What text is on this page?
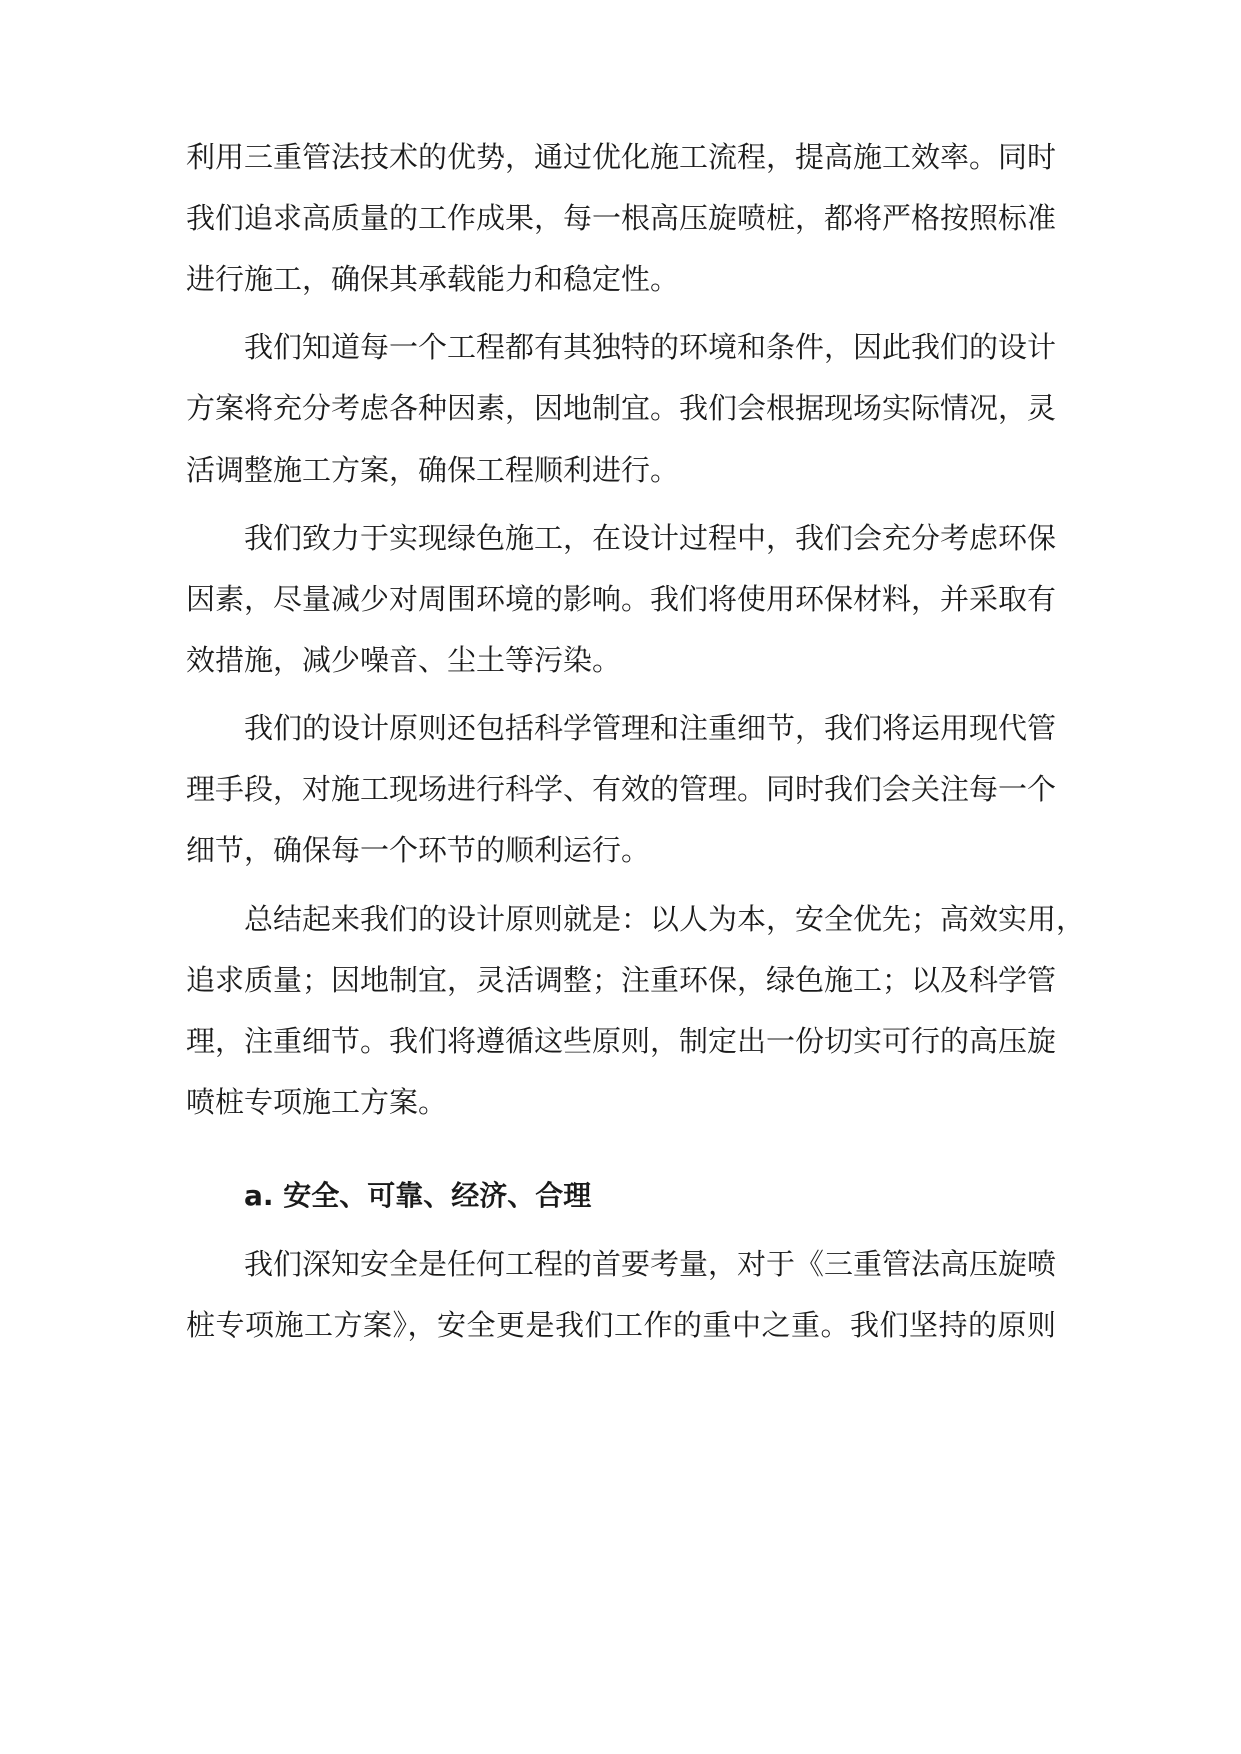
利用三重管法技术的优势，通过优化施工流程，提高施工效率。同时
我们追求高质量的工作成果，每一根高压旋喷桩，都将严格按照标准
进行施工，确保其承载能力和稳定性。
我们知道每一个工程都有其独特的环境和条件，因此我们的设计
方案将充分考虑各种因素，因地制宜。我们会根据现场实际情况，灵
活调整施工方案，确保工程顺利进行。
我们致力于实现绿色施工，在设计过程中，我们会充分考虑环保
因素，尽量减少对周围环境的影响。我们将使用环保材料，并采取有
效措施，减少噪音、尘土等污染。
我们的设计原则还包括科学管理和注重细节，我们将运用现代管
理手段，对施工现场进行科学、有效的管理。同时我们会关注每一个
细节，确保每一个环节的顺利运行。
总结起来我们的设计原则就是：以人为本，安全优先；高效实用，
追求质量；因地制宜，灵活调整；注重环保，绿色施工；以及科学管
理，注重细节。我们将遵循这些原则，制定出一份切实可行的高压旋
喷桩专项施工方案。
a. 安全、可靠、经济、合理
我们深知安全是任何工程的首要考量，对于《三重管法高压旋喷
桩专项施工方案》，安全更是我们工作的重中之重。我们坚持的原则
